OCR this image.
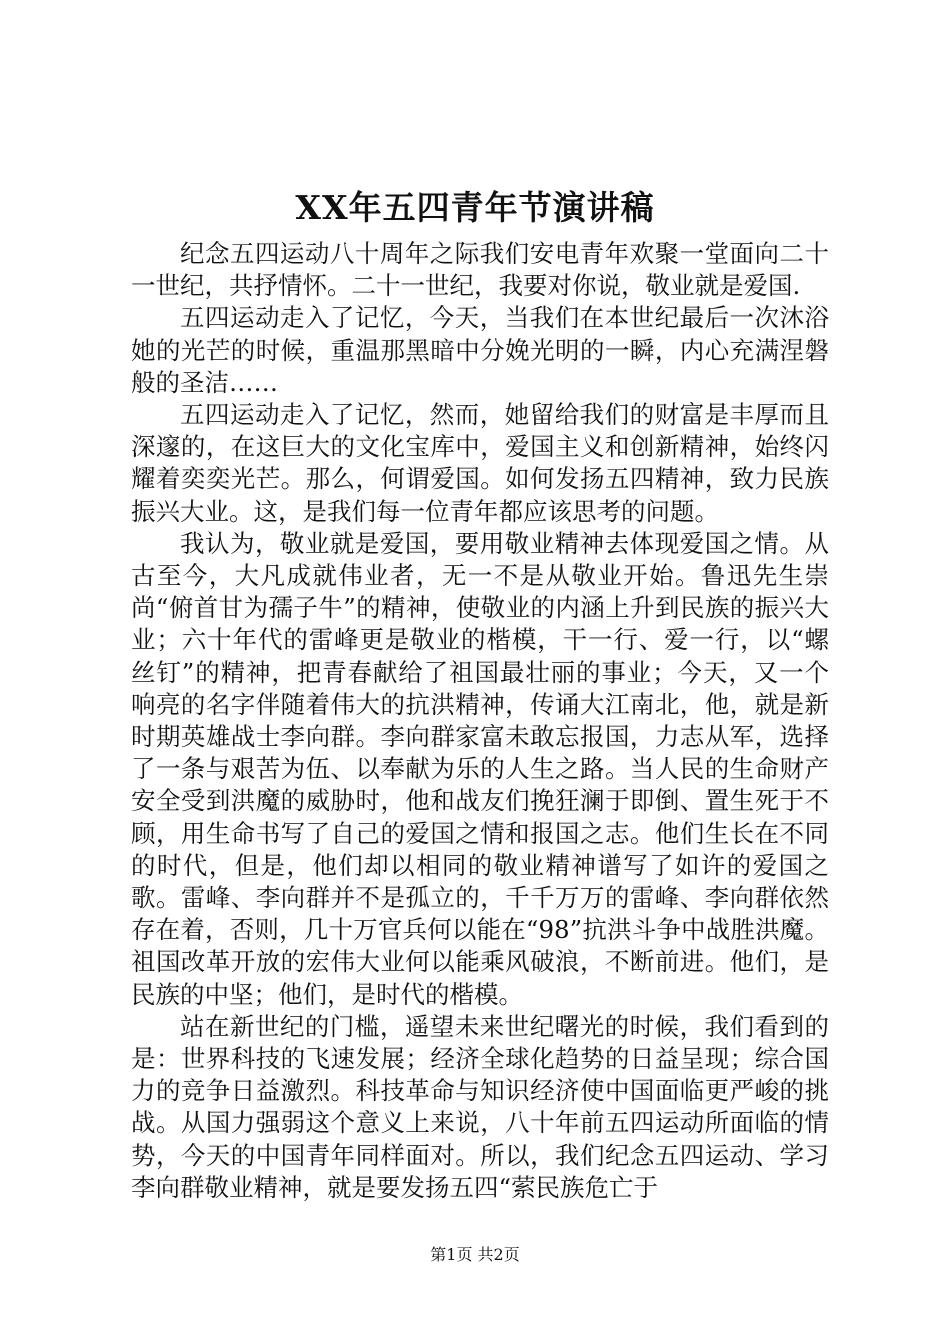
XX年五四青年节演讲稿

纪念五四运动八十周年之际我们安电青年欢聚一堂面向二十一世纪，共抒情怀。二十一世纪，我要对你说，敬业就是爱国.

五四运动走入了记忆，今天，当我们在本世纪最后一次沐浴她的光芒的时候，重温那黑暗中分娩光明的一瞬，内心充满涅磐般的圣洁……

五四运动走入了记忆，然而，她留给我们的财富是丰厚而且深邃的，在这巨大的文化宝库中，爱国主义和创新精神，始终闪耀着奕奕光芒。那么，何谓爱国。如何发扬五四精神，致力民族振兴大业。这，是我们每一位青年都应该思考的问题。

我认为，敬业就是爱国，要用敬业精神去体现爱国之情。从古至今，大凡成就伟业者，无一不是从敬业开始。鲁迅先生崇尚“俯首甘为孺子牛”的精神，使敬业的内涵上升到民族的振兴大业；六十年代的雷峰更是敬业的楷模，干一行、爱一行，以“螺丝钉”的精神，把青春献给了祖国最壮丽的事业；今天，又一个响亮的名字伴随着伟大的抗洪精神，传诵大江南北，他，就是新时期英雄战士李向群。李向群家富未敢忘报国，力志从军，选择了一条与艰苦为伍、以奉献为乐的人生之路。当人民的生命财产安全受到洪魔的威胁时，他和战友们挽狂澜于即倒、置生死于不顾，用生命书写了自己的爱国之情和报国之志。他们生长在不同的时代，但是，他们却以相同的敬业精神谱写了如许的爱国之歌。雷峰、李向群并不是孤立的，千千万万的雷峰、李向群依然存在着，否则，几十万官兵何以能在“98”抗洪斗争中战胜洪魔。祖国改革开放的宏伟大业何以能乘风破浪，不断前进。他们，是民族的中坚；他们，是时代的楷模。

站在新世纪的门槛，遥望未来世纪曙光的时候，我们看到的是：世界科技的飞速发展；经济全球化趋势的日益呈现；综合国力的竞争日益激烈。科技革命与知识经济使中国面临更严峻的挑战。从国力强弱这个意义上来说，八十年前五四运动所面临的情势，今天的中国青年同样面对。所以，我们纪念五四运动、学习李向群敬业精神，就是要发扬五四“萦民族危亡于

第1页 共2页
